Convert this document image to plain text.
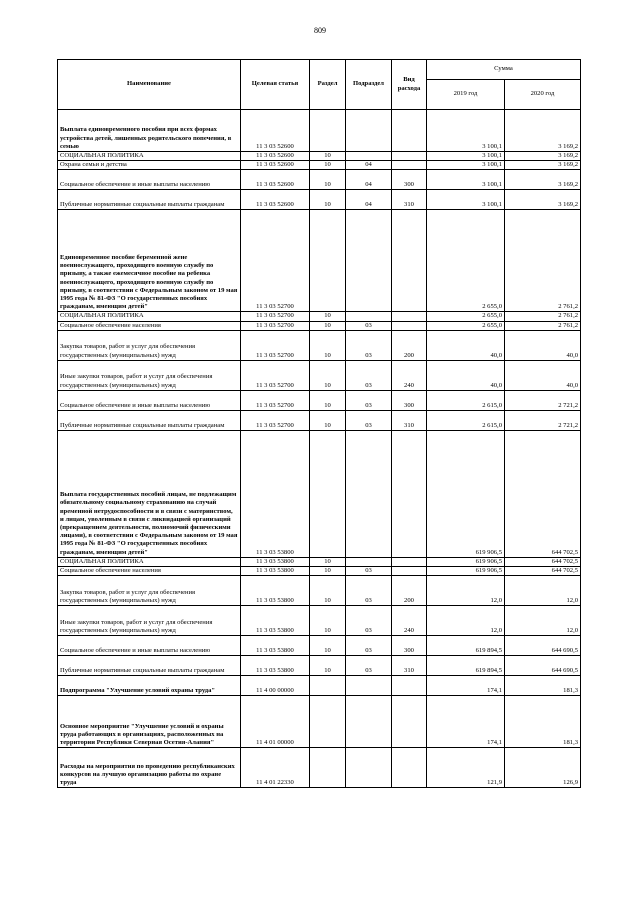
809
Наименование	Целевая статья	Раздел	Подраздел	Вид расхода	Сумма	
					2019 год	2020 год
Выплата единовременного пособия при всех формах устройства детей, лишенных родительского попечения, в семью	11 3 03 52600				3 100,1	3 169,2
СОЦИАЛЬНАЯ ПОЛИТИКА	11 3 03 52600	10			3 100,1	3 169,2
Охрана семьи и детства	11 3 03 52600	10	04		3 100,1	3 169,2
Социальное обеспечение и иные выплаты населению	11 3 03 52600	10	04	300	3 100,1	3 169,2
Публичные нормативные социальные выплаты гражданам	11 3 03 52600	10	04	310	3 100,1	3 169,2
Единовременное пособие беременной жене военнослужащего, проходящего военную службу по призыву, а также ежемесячное пособие на ребенка военнослужащего, проходящего военную службу по призыву, в соответствии с Федеральным законом от 19 мая 1995 года № 81-ФЗ "О государственных пособиях гражданам, имеющим детей"	11 3 03 52700				2 655,0	2 761,2
СОЦИАЛЬНАЯ ПОЛИТИКА	11 3 03 52700	10			2 655,0	2 761,2
Социальное обеспечение населения	11 3 03 52700	10	03		2 655,0	2 761,2
Закупка товаров, работ и услуг для обеспечения государственных (муниципальных) нужд	11 3 03 52700	10	03	200	40,0	40,0
Иные закупки товаров, работ и услуг для обеспечения государственных (муниципальных) нужд	11 3 03 52700	10	03	240	40,0	40,0
Социальное обеспечение и иные выплаты населению	11 3 03 52700	10	03	300	2 615,0	2 721,2
Публичные нормативные социальные выплаты гражданам	11 3 03 52700	10	03	310	2 615,0	2 721,2
Выплата государственных пособий лицам, не подлежащим обязательному социальному страхованию на случай временной нетрудоспособности и в связи с материнством, и лицам, уволенным в связи с ликвидацией организаций (прекращением деятельности, полномочий физическими лицами), в соответствии с Федеральным законом от 19 мая 1995 года № 81-ФЗ "О государственных пособиях гражданам, имеющим детей"	11 3 03 53800				619 906,5	644 702,5
СОЦИАЛЬНАЯ ПОЛИТИКА	11 3 03 53800	10			619 906,5	644 702,5
Социальное обеспечение населения	11 3 03 53800	10	03		619 906,5	644 702,5
Закупка товаров, работ и услуг для обеспечения государственных (муниципальных) нужд	11 3 03 53800	10	03	200	12,0	12,0
Иные закупки товаров, работ и услуг для обеспечения государственных (муниципальных) нужд	11 3 03 53800	10	03	240	12,0	12,0
Социальное обеспечение и иные выплаты населению	11 3 03 53800	10	03	300	619 894,5	644 690,5
Публичные нормативные социальные выплаты гражданам	11 3 03 53800	10	03	310	619 894,5	644 690,5
Подпрограмма "Улучшение условий охраны труда"	11 4 00 00000				174,1	181,3
Основное мероприятие "Улучшение условий и охраны труда работающих в организациях, расположенных на территории Республики Северная Осетия-Алания"	11 4 01 00000				174,1	181,3
Расходы на мероприятия по проведению республиканских конкурсов на лучшую организацию работы по охране труда	11 4 01 22330				121,9	126,9
